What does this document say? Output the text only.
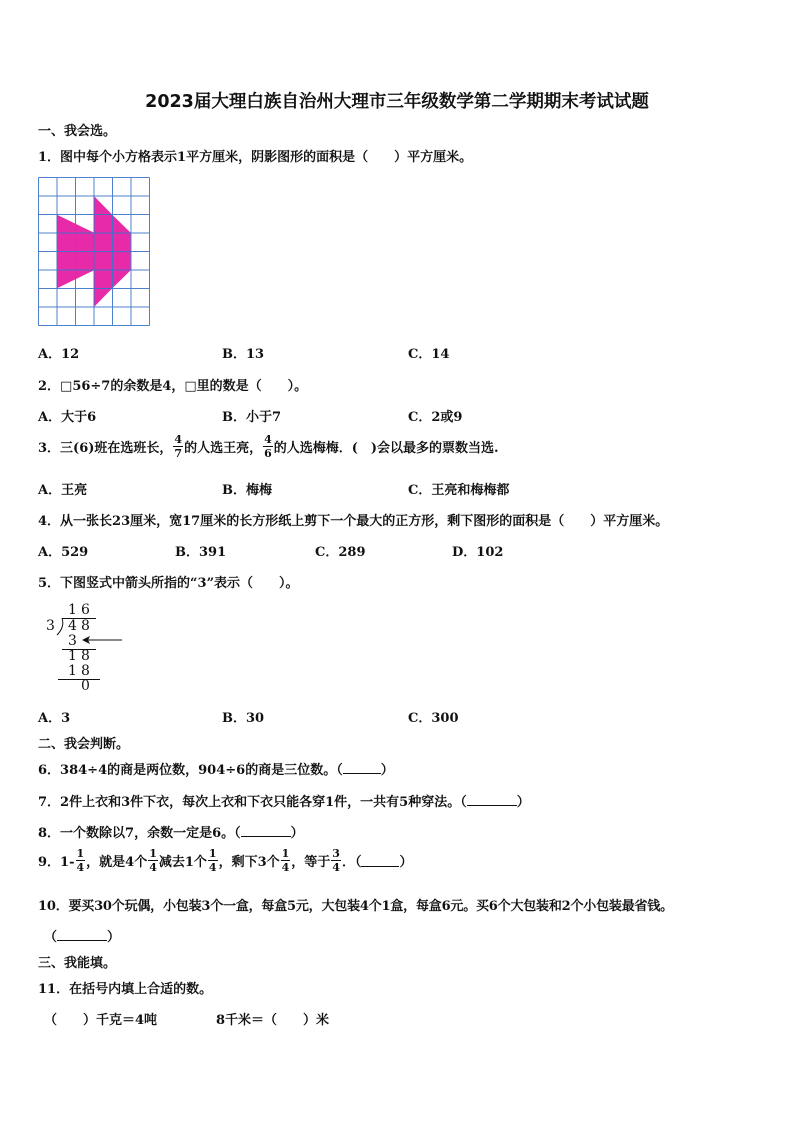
2023届大理白族自治州大理市三年级数学第二学期期末考试试题
一、我会选。
1．图中每个小方格表示1平方厘米，阴影图形的面积是（　　）平方厘米。
A．12	B．13	C．14
2．□56÷7的余数是4，□里的数是（　　）。
A．大于6	B．小于7	C．2或9
3．三(6)班在选班长， $\frac{4}{7}$ 的人选王亮， $\frac{4}{6}$ 的人选梅梅．(　)会以最多的票数当选.
A．王亮	B．梅梅	C．王亮和梅梅都
4．从一张长23厘米，宽17厘米的长方形纸上剪下一个最大的正方形，剩下图形的面积是（　　）平方厘米。
A．529	B．391	C．289	D．102
5．下图竖式中箭头所指的“3”表示（　　）。
1 6
3 4 8
3
1 8
1 8
0
A．3	B．30	C．300
二、我会判断。
6．384÷4的商是两位数，904÷6的商是三位数。（	）
7．2件上衣和3件下衣，每次上衣和下衣只能各穿1件，一共有5种穿法。（	）
8．一个数除以7，余数一定是6。（	）
9．$1- \frac{1}{4}$ ，就是4个 $\frac{1}{4}$ 减去1个 $\frac{1}{4}$ ，剩下3个 $\frac{1}{4}$ ，等于 $\frac{3}{4}$ ．（	）
10．要买30个玩偶，小包装3个一盒，每盒5元，大包装4个1盒，每盒6元。买6个大包装和2个小包装最省钱。
（	）
三、我能填。
11．在括号内填上合适的数。
（　　）千克＝4吨	8千米＝（　　）米
